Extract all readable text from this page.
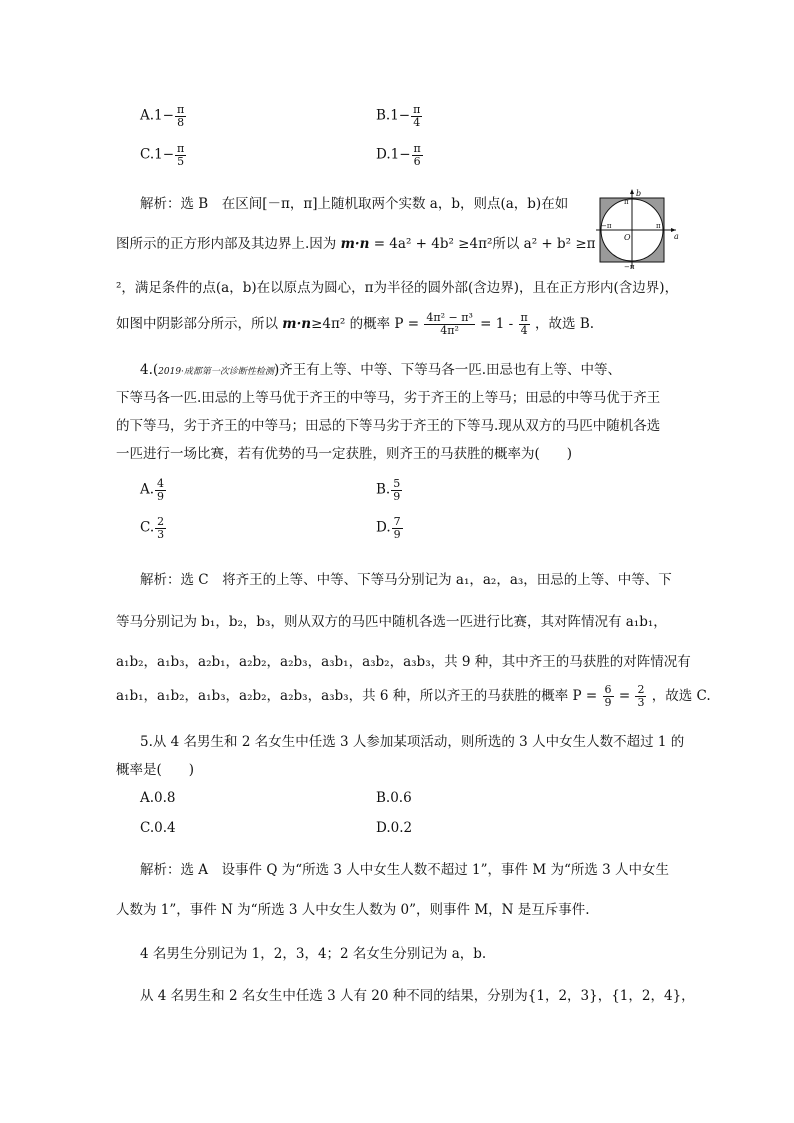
$A.1- \frac{\pi}{8}$	$B.1- \frac{\pi}{4}$
$C.1- \frac{\pi}{5}$	$D.1- \frac{\pi}{6}$
解析：选 B　在区间[－π，π]上随机取两个实数 a，b，则点(a，b)在如
图所示的正方形内部及其边界上.因为 m·n = 4a² + 4b² ≥4π²所以 a² + b² ≥π
²，满足条件的点(a，b)在以原点为圆心，π为半径的圆外部(含边界)，且在正方形内(含边界)，
如图中阴影部分所示，所以 m·n≥4π² 的概率 $P = \frac{\text{4π² − π³}}{\text{4π²}} = 1 - \frac{\pi}{4}$ ，故选 B.
b
a
O
π
−π
−π	π
4.(2019·成都第一次诊断性检测)齐王有上等、中等、下等马各一匹.田忌也有上等、中等、
下等马各一匹.田忌的上等马优于齐王的中等马，劣于齐王的上等马；田忌的中等马优于齐王
的下等马，劣于齐王的中等马；田忌的下等马劣于齐王的下等马.现从双方的马匹中随机各选
一匹进行一场比赛，若有优势的马一定获胜，则齐王的马获胜的概率为(　　)
A. $\frac{4}{9}$	B. $\frac{5}{9}$
C. $\frac{2}{3}$	D. $\frac{7}{9}$
解析：选 C　将齐王的上等、中等、下等马分别记为 a₁，a₂，a₃，田忌的上等、中等、下
等马分别记为 b₁，b₂，b₃，则从双方的马匹中随机各选一匹进行比赛，其对阵情况有 a₁b₁，
a₁b₂，a₁b₃，a₂b₁，a₂b₂，a₂b₃，a₃b₁，a₃b₂，a₃b₃，共 9 种，其中齐王的马获胜的对阵情况有
a₁b₁，a₁b₂，a₁b₃，a₂b₂，a₂b₃，a₃b₃，共 6 种，所以齐王的马获胜的概率 $P = \frac{6}{9} = \frac{2}{3}$ ，故选 C.
5.从 4 名男生和 2 名女生中任选 3 人参加某项活动，则所选的 3 人中女生人数不超过 1 的
概率是(　　)
A.0.8	B.0.6
C.0.4	D.0.2
解析：选 A　设事件 Q 为“所选 3 人中女生人数不超过 1”，事件 M 为“所选 3 人中女生
人数为 1”，事件 N 为“所选 3 人中女生人数为 0”，则事件 M，N 是互斥事件.
4 名男生分别记为 1，2，3，4；2 名女生分别记为 a，b.
从 4 名男生和 2 名女生中任选 3 人有 20 种不同的结果，分别为{1，2，3}，{1，2，4}，
